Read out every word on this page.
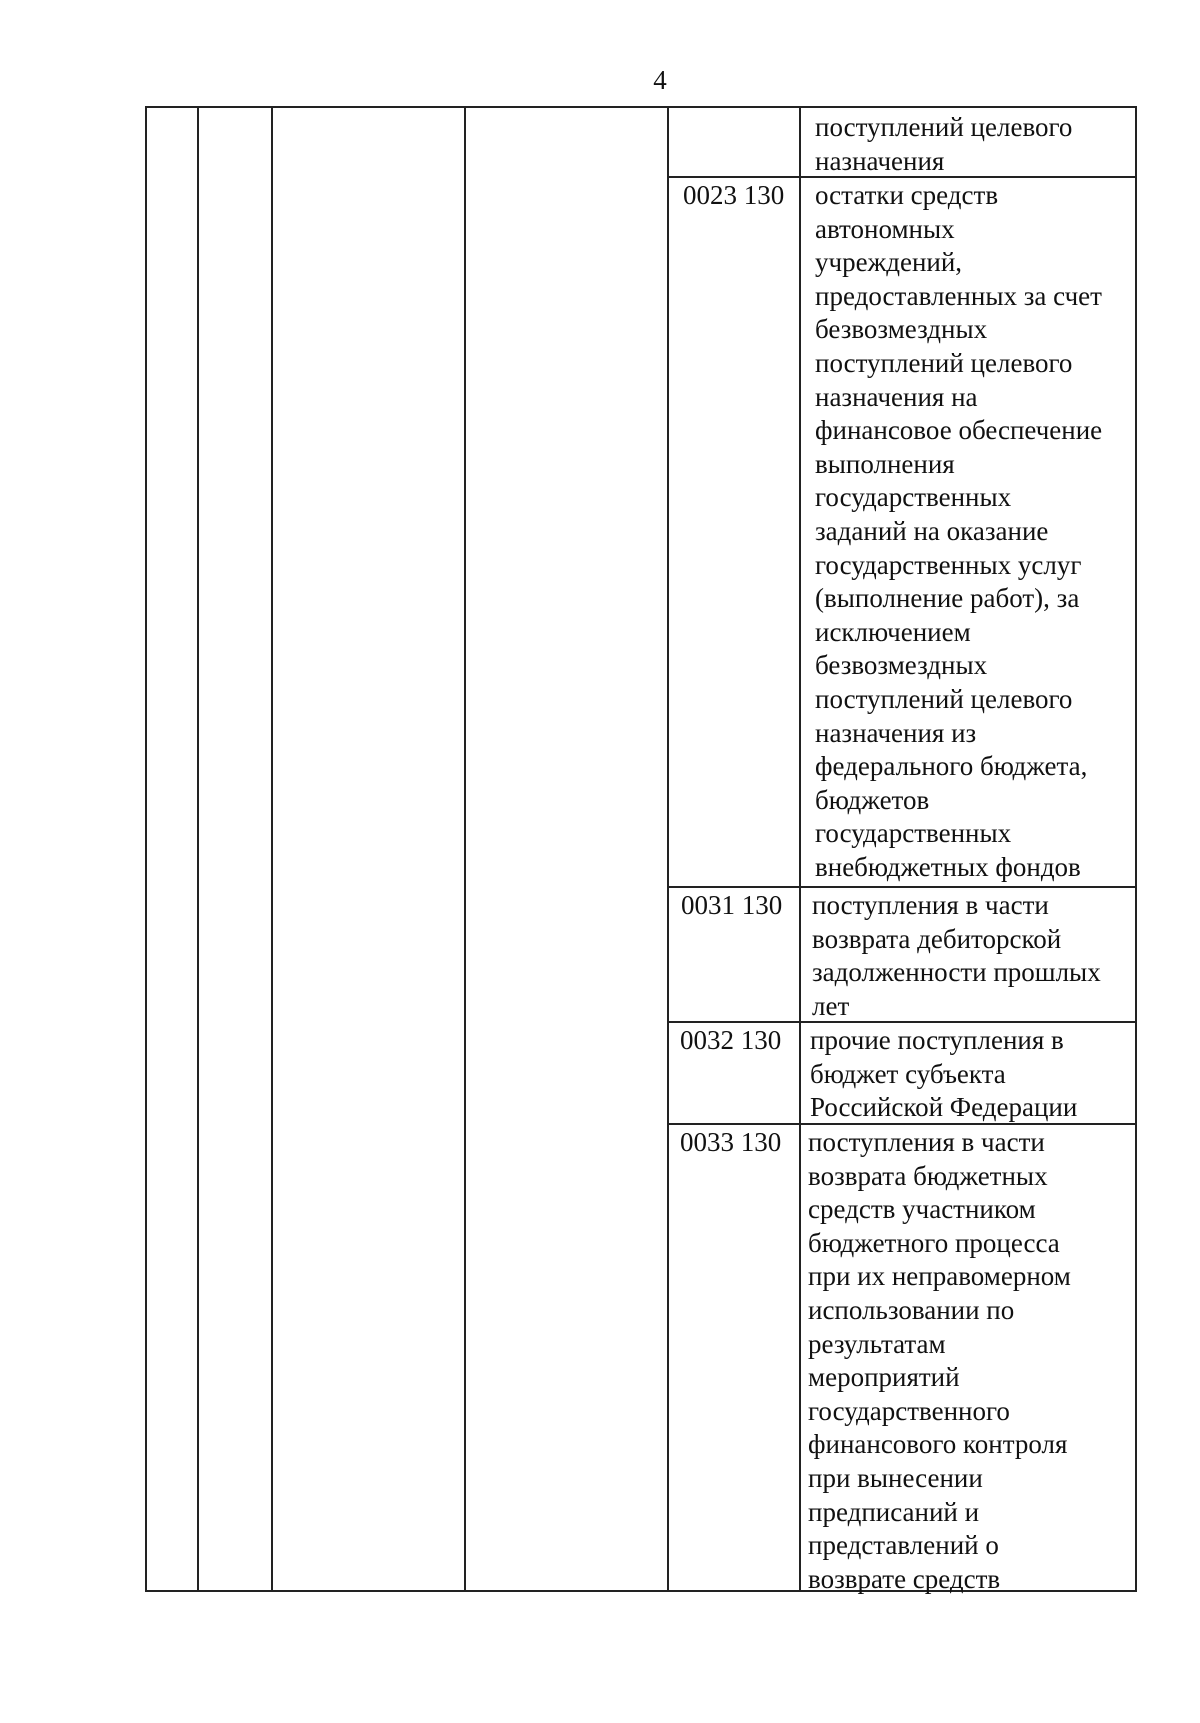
4
поступлений целевого
назначения
0023 130 остатки средств
автономных
учреждений,
предоставленных за счет
безвозмездных
поступлений целевого
назначения на
финансовое обеспечение
выполнения
государственных
заданий на оказание
государственных услуг
(выполнение работ), за
исключением
безвозмездных
поступлений целевого
назначения из
федерального бюджета,
бюджетов
государственных
внебюджетных фондов
0031 130 поступления в части
возврата дебиторской
задолженности прошлых
лет
0032 130 прочие поступления в
бюджет субъекта
Российской Федерации
0033 130 поступления в части
возврата бюджетных
средств участником
бюджетного процесса
при их неправомерном
использовании по
результатам
мероприятий
государственного
финансового контроля
при вынесении
предписаний и
представлений о
возврате средств
